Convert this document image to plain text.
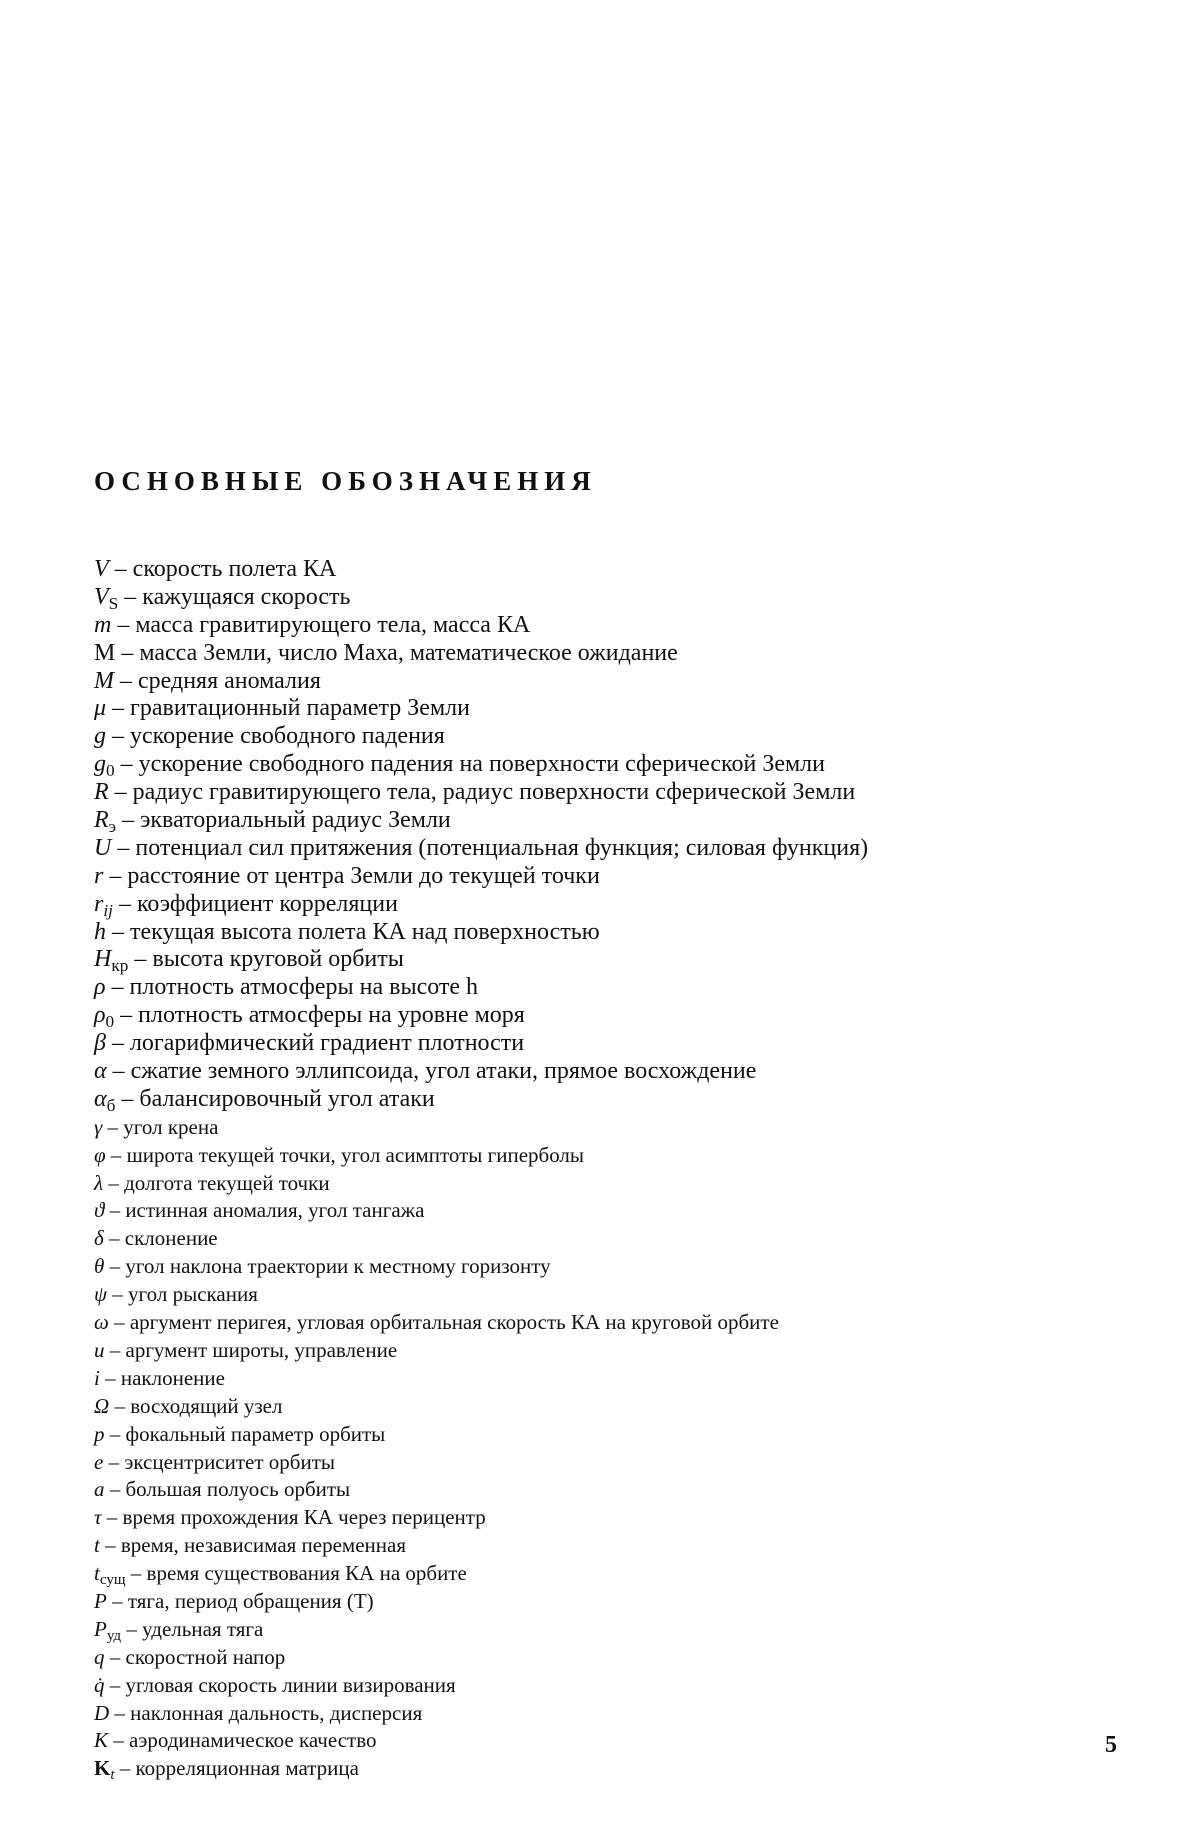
ОСНОВНЫЕ ОБОЗНАЧЕНИЯ
V – скорость полета КА
$V_S$ – кажущаяся скорость
m – масса гравитирующего тела, масса КА
М – масса Земли, число Маха, математическое ожидание
M – средняя аномалия
μ – гравитационный параметр Земли
g – ускорение свободного падения
$g_0$ – ускорение свободного падения на поверхности сферической Земли
R – радиус гравитирующего тела, радиус поверхности сферической Земли
$R_э$ – экваториальный радиус Земли
U – потенциал сил притяжения (потенциальная функция; силовая функция)
r – расстояние от центра Земли до текущей точки
$r_{ij}$ – коэффициент корреляции
h – текущая высота полета КА над поверхностью
$H_{кр}$ – высота круговой орбиты
ρ – плотность атмосферы на высоте h
$\rho_0$ – плотность атмосферы на уровне моря
β – логарифмический градиент плотности
α – сжатие земного эллипсоида, угол атаки, прямое восхождение
$\alpha_б$ – балансировочный угол атаки
γ – угол крена
φ – широта текущей точки, угол асимптоты гиперболы
λ – долгота текущей точки
ϑ – истинная аномалия, угол тангажа
δ – склонение
θ – угол наклона траектории к местному горизонту
ψ – угол рыскания
ω – аргумент перигея, угловая орбитальная скорость КА на круговой орбите
u – аргумент широты, управление
i – наклонение
Ω – восходящий узел
p – фокальный параметр орбиты
e – эксцентриситет орбиты
a – большая полуось орбиты
τ – время прохождения КА через перицентр
t – время, независимая переменная
$t_{сущ}$ – время существования КА на орбите
P – тяга, период обращения (T)
$P_{уд}$ – удельная тяга
q – скоростной напор
q̇ – угловая скорость линии визирования
D – наклонная дальность, дисперсия
K – аэродинамическое качество
$K_t$ – корреляционная матрица
5
